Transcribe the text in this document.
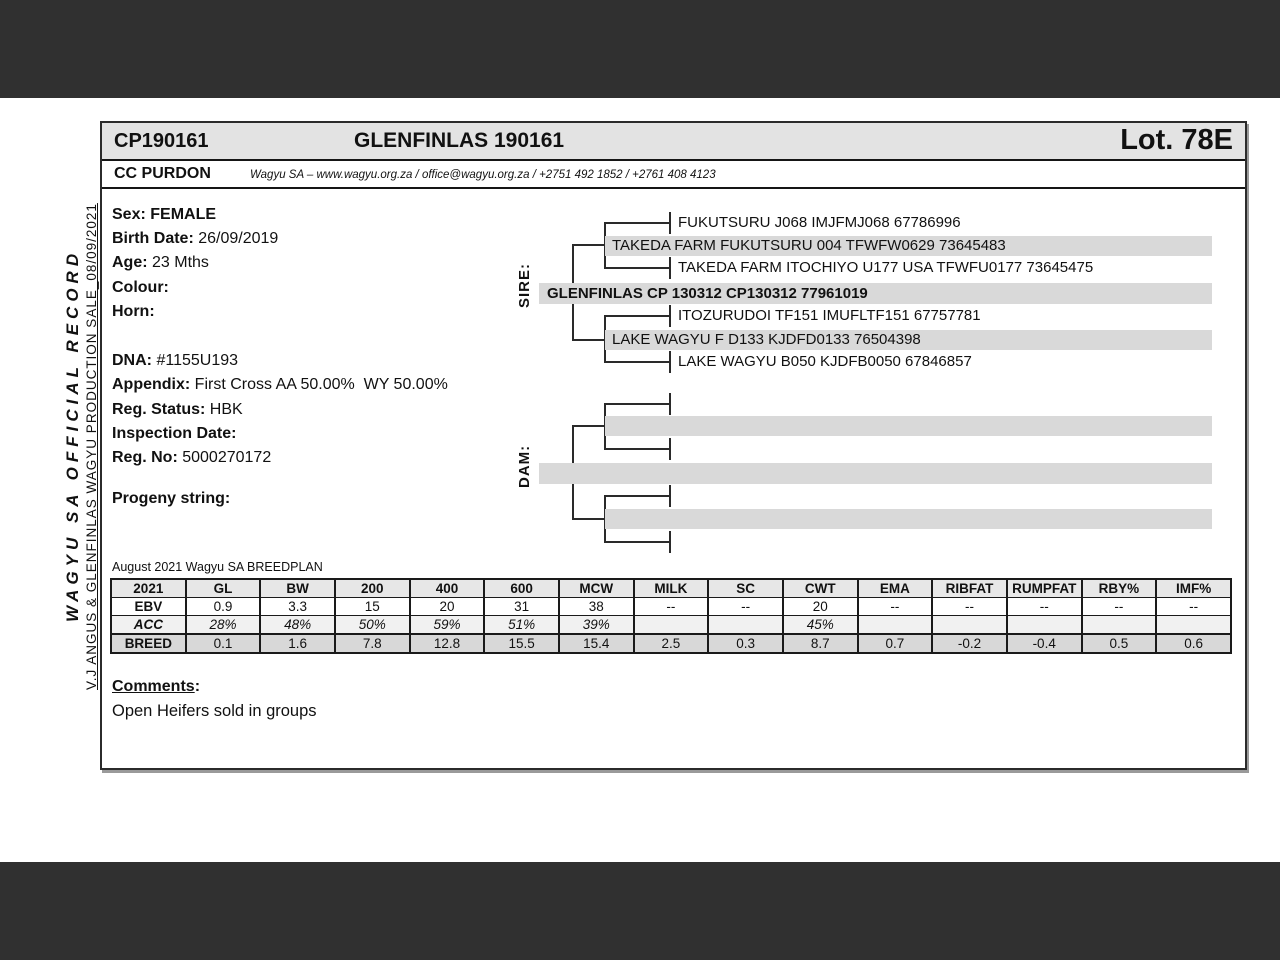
WAGYU SA OFFICIAL RECORD V.J ANGUS & GLENFINLAS WAGYU PRODUCTION SALE_08/09/2021
CP190161	GLENFINLAS 190161	Lot. 78E
CC PURDON	Wagyu SA – www.wagyu.org.za / office@wagyu.org.za / +2751 492 1852 / +2761 408 4123
Sex: FEMALE
Birth Date: 26/09/2019
Age: 23 Mths
Colour:
Horn:
DNA: #1155U193
Appendix: First Cross AA 50.00%  WY 50.00%
Reg. Status: HBK
Inspection Date:
Reg. No: 5000270172
Progeny string:
SIRE:
FUKUTSURU J068 IMJFMJ068 67786996
TAKEDA FARM FUKUTSURU 004 TFWFW0629 73645483
TAKEDA FARM ITOCHIYO U177 USA TFWFU0177 73645475
GLENFINLAS CP 130312 CP130312 77961019
ITOZURUDOI TF151 IMUFLTF151 67757781
LAKE WAGYU F D133 KJDFD0133 76504398
LAKE WAGYU B050 KJDFB0050 67846857
DAM:
August 2021 Wagyu SA BREEDPLAN
2021	GL	BW	200	400	600	MCW	MILK	SC	CWT	EMA	RIBFAT	RUMPFAT	RBY%	IMF%
EBV	0.9	3.3	15	20	31	38	--	--	20	--	--	--	--	--
ACC	28%	48%	50%	59%	51%	39%			45%					
BREED	0.1	1.6	7.8	12.8	15.5	15.4	2.5	0.3	8.7	0.7	-0.2	-0.4	0.5	0.6
Comments:
Open Heifers sold in groups
